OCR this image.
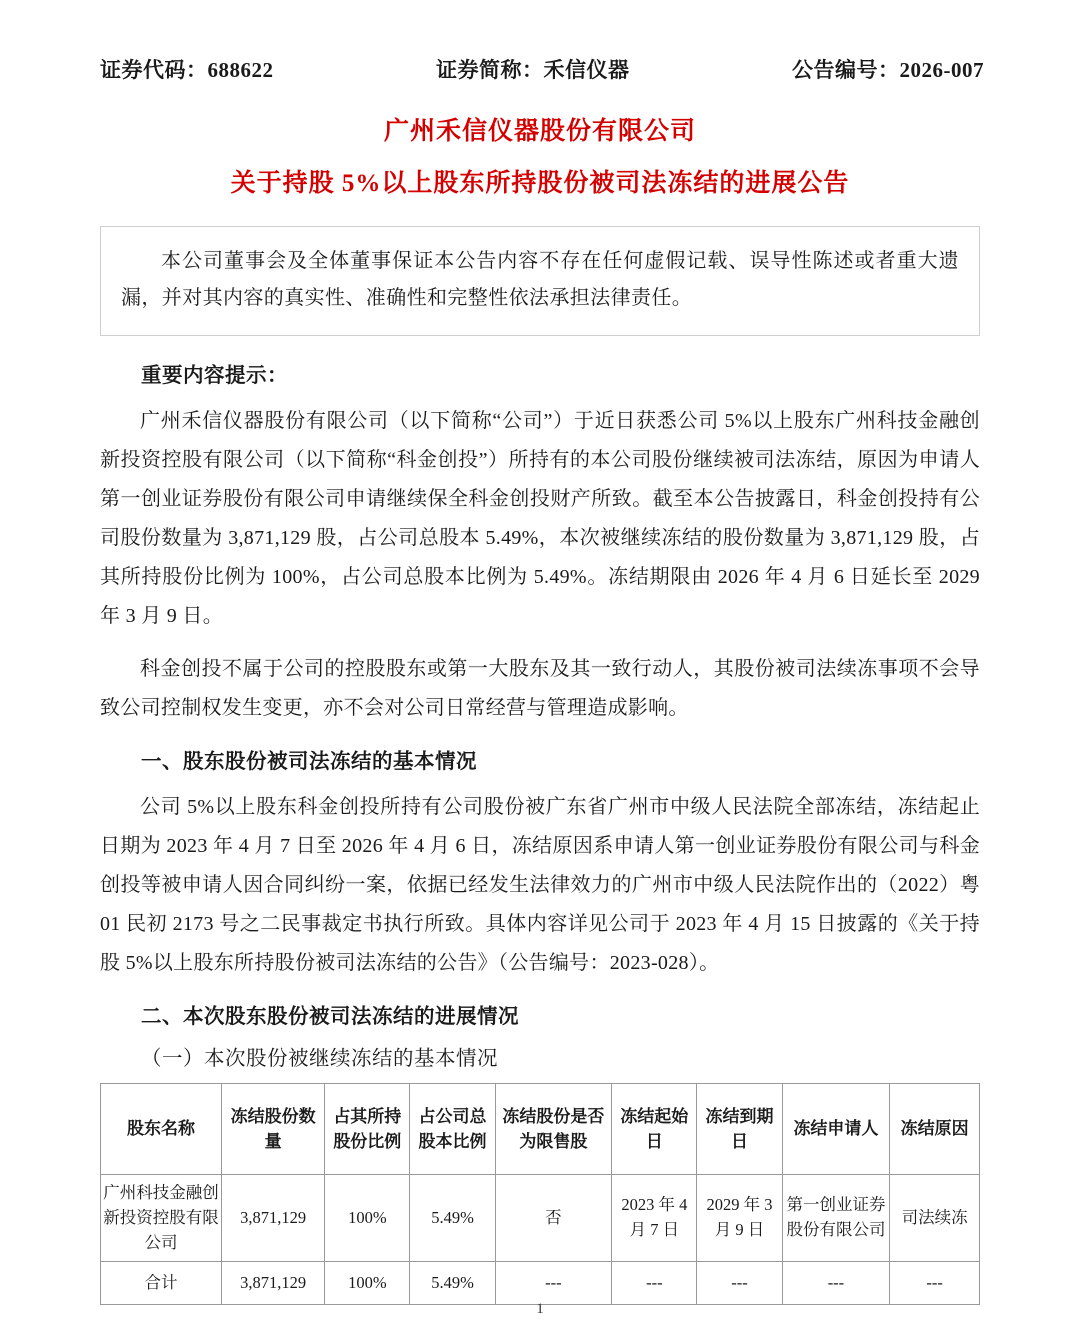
证券代码：688622	证券简称：禾信仪器	公告编号：2026-007
广州禾信仪器股份有限公司
关于持股 5%以上股东所持股份被司法冻结的进展公告

本公司董事会及全体董事保证本公告内容不存在任何虚假记载、误导性陈述或者重大遗漏，并对其内容的真实性、准确性和完整性依法承担法律责任。

重要内容提示：

广州禾信仪器股份有限公司（以下简称“公司”）于近日获悉公司 5%以上股东广州科技金融创新投资控股有限公司（以下简称“科金创投”）所持有的本公司股份继续被司法冻结，原因为申请人第一创业证券股份有限公司申请继续保全科金创投财产所致。截至本公告披露日，科金创投持有公司股份数量为 3,871,129 股，占公司总股本 5.49%，本次被继续冻结的股份数量为 3,871,129 股，占其所持股份比例为 100%，占公司总股本比例为 5.49%。冻结期限由 2026 年 4 月 6 日延长至 2029 年 3 月 9 日。

科金创投不属于公司的控股股东或第一大股东及其一致行动人，其股份被司法续冻事项不会导致公司控制权发生变更，亦不会对公司日常经营与管理造成影响。

一、股东股份被司法冻结的基本情况

公司 5%以上股东科金创投所持有公司股份被广东省广州市中级人民法院全部冻结，冻结起止日期为 2023 年 4 月 7 日至 2026 年 4 月 6 日，冻结原因系申请人第一创业证券股份有限公司与科金创投等被申请人因合同纠纷一案，依据已经发生法律效力的广州市中级人民法院作出的（2022）粤 01 民初 2173 号之二民事裁定书执行所致。具体内容详见公司于 2023 年 4 月 15 日披露的《关于持股 5%以上股东所持股份被司法冻结的公告》（公告编号：2023-028）。

二、本次股东股份被司法冻结的进展情况
（一）本次股份被继续冻结的基本情况
股东名称	冻结股份数量	占其所持股份比例	占公司总股本比例	冻结股份是否为限售股	冻结起始日	冻结到期日	冻结申请人	冻结原因
广州科技金融创新投资控股有限公司	3,871,129	100%	5.49%	否	2023 年 4 月 7 日	2029 年 3 月 9 日	第一创业证券股份有限公司	司法续冻
合计	3,871,129	100%	5.49%	---	---	---	---	---
1
